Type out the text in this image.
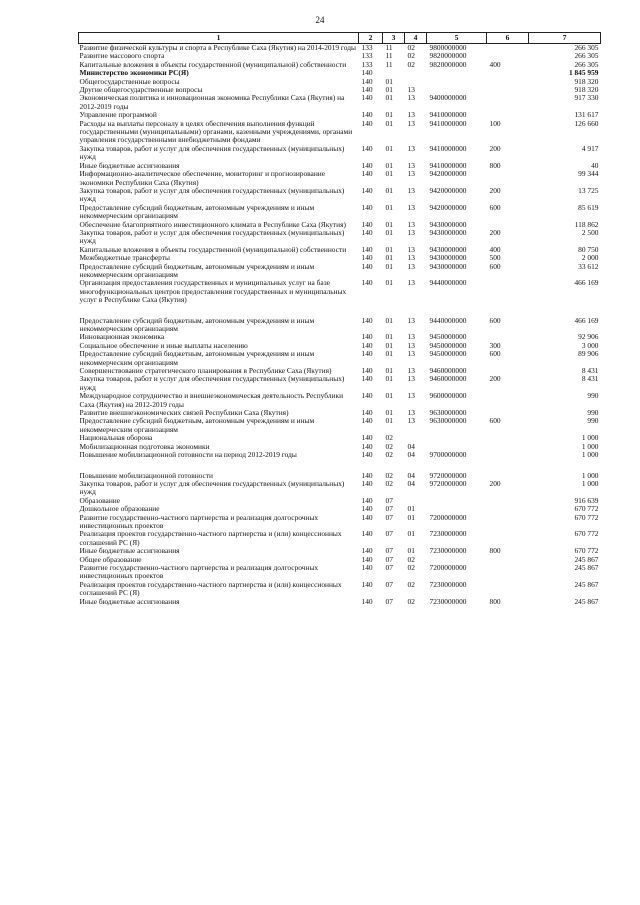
24
1	2	3	4	5	6	7
Развитие физической культуры и спорта в Республике Саха (Якутия) на 2014-2019 годы	133	11	02	9800000000		266 305
Развитие массового спорта	133	11	02	9820000000		266 305
Капитальные вложения в объекты государственной (муниципальной) собственности	133	11	02	9820000000	400	266 305
Министерство экономики РС(Я)	140					1 845 959
Общегосударственные вопросы	140	01				918 320
Другие общегосударственные вопросы	140	01	13			918 320
Экономическая политика и инновационная экономика Республики Саха (Якутия) на 2012-2019 годы	140	01	13	9400000000		917 330
Управление программой	140	01	13	9410000000		131 617
Расходы на выплаты персоналу в целях обеспечения выполнения функций государственными (муниципальными) органами, казенными учреждениями, органами управления государственными внебюджетными фондами	140	01	13	9410000000	100	126 660
Закупка товаров, работ и услуг для обеспечения государственных (муниципальных) нужд	140	01	13	9410000000	200	4 917
Иные бюджетные ассигнования	140	01	13	9410000000	800	40
Информационно-аналитическое обеспечение, мониторинг и прогнозирование экономики Республики Саха (Якутия)	140	01	13	9420000000		99 344
Закупка товаров, работ и услуг для обеспечения государственных (муниципальных) нужд	140	01	13	9420000000	200	13 725
Предоставление субсидий бюджетным, автономным учреждениям и иным некоммерческим организациям	140	01	13	9420000000	600	85 619
Обеспечение благоприятного инвестиционного климата в Республике Саха (Якутия)	140	01	13	9430000000		118 862
Закупка товаров, работ и услуг для обеспечения государственных (муниципальных) нужд	140	01	13	9430000000	200	2 500
Капитальные вложения в объекты государственной (муниципальной) собственности	140	01	13	9430000000	400	80 750
Межбюджетные трансферты	140	01	13	9430000000	500	2 000
Предоставление субсидий бюджетным, автономным учреждениям и иным некоммерческим организациям	140	01	13	9430000000	600	33 612
Организация предоставления государственных и муниципальных услуг на базе многофункциональных центров предоставления государственных и муниципальных услуг в Республике Саха (Якутия)	140	01	13	9440000000		466 169

Предоставление субсидий бюджетным, автономным учреждениям и иным некоммерческим организациям	140	01	13	9440000000	600	466 169
Инновационная экономика	140	01	13	9450000000		92 906
Социальное обеспечение и иные выплаты населению	140	01	13	9450000000	300	3 000
Предоставление субсидий бюджетным, автономным учреждениям и иным некоммерческим организациям	140	01	13	9450000000	600	89 906
Совершенствование стратегического планирования в Республике Саха (Якутия)	140	01	13	9460000000		8 431
Закупка товаров, работ и услуг для обеспечения государственных (муниципальных) нужд	140	01	13	9460000000	200	8 431
Международное сотрудничество и внешнеэкономическая деятельность Республики Саха (Якутия) на 2012-2019 годы	140	01	13	9600000000		990
Развитие внешнеэкономических связей Республики Саха (Якутия)	140	01	13	9630000000		990
Предоставление субсидий бюджетным, автономным учреждениям и иным некоммерческим организациям	140	01	13	9630000000	600	990
Национальная оборона	140	02				1 000
Мобилизационная подготовка экономики	140	02	04			1 000
Повышение мобилизационной готовности на период 2012-2019 годы	140	02	04	9700000000		1 000

Повышение мобилизационной готовности	140	02	04	9720000000		1 000
Закупка товаров, работ и услуг для обеспечения государственных (муниципальных) нужд	140	02	04	9720000000	200	1 000
Образование	140	07				916 639
Дошкольное образование	140	07	01			670 772
Развитие государственно-частного партнерства и реализация долгосрочных инвестиционных проектов	140	07	01	7200000000		670 772
Реализация проектов государственно-частного партнерства и (или) концессионных соглашений РС (Я)	140	07	01	7230000000		670 772
Иные бюджетные ассигнования	140	07	01	7230000000	800	670 772
Общее образование	140	07	02			245 867
Развитие государственно-частного партнерства и реализация долгосрочных инвестиционных проектов	140	07	02	7200000000		245 867
Реализация проектов государственно-частного партнерства и (или) концессионных соглашений РС (Я)	140	07	02	7230000000		245 867
Иные бюджетные ассигнования	140	07	02	7230000000	800	245 867
